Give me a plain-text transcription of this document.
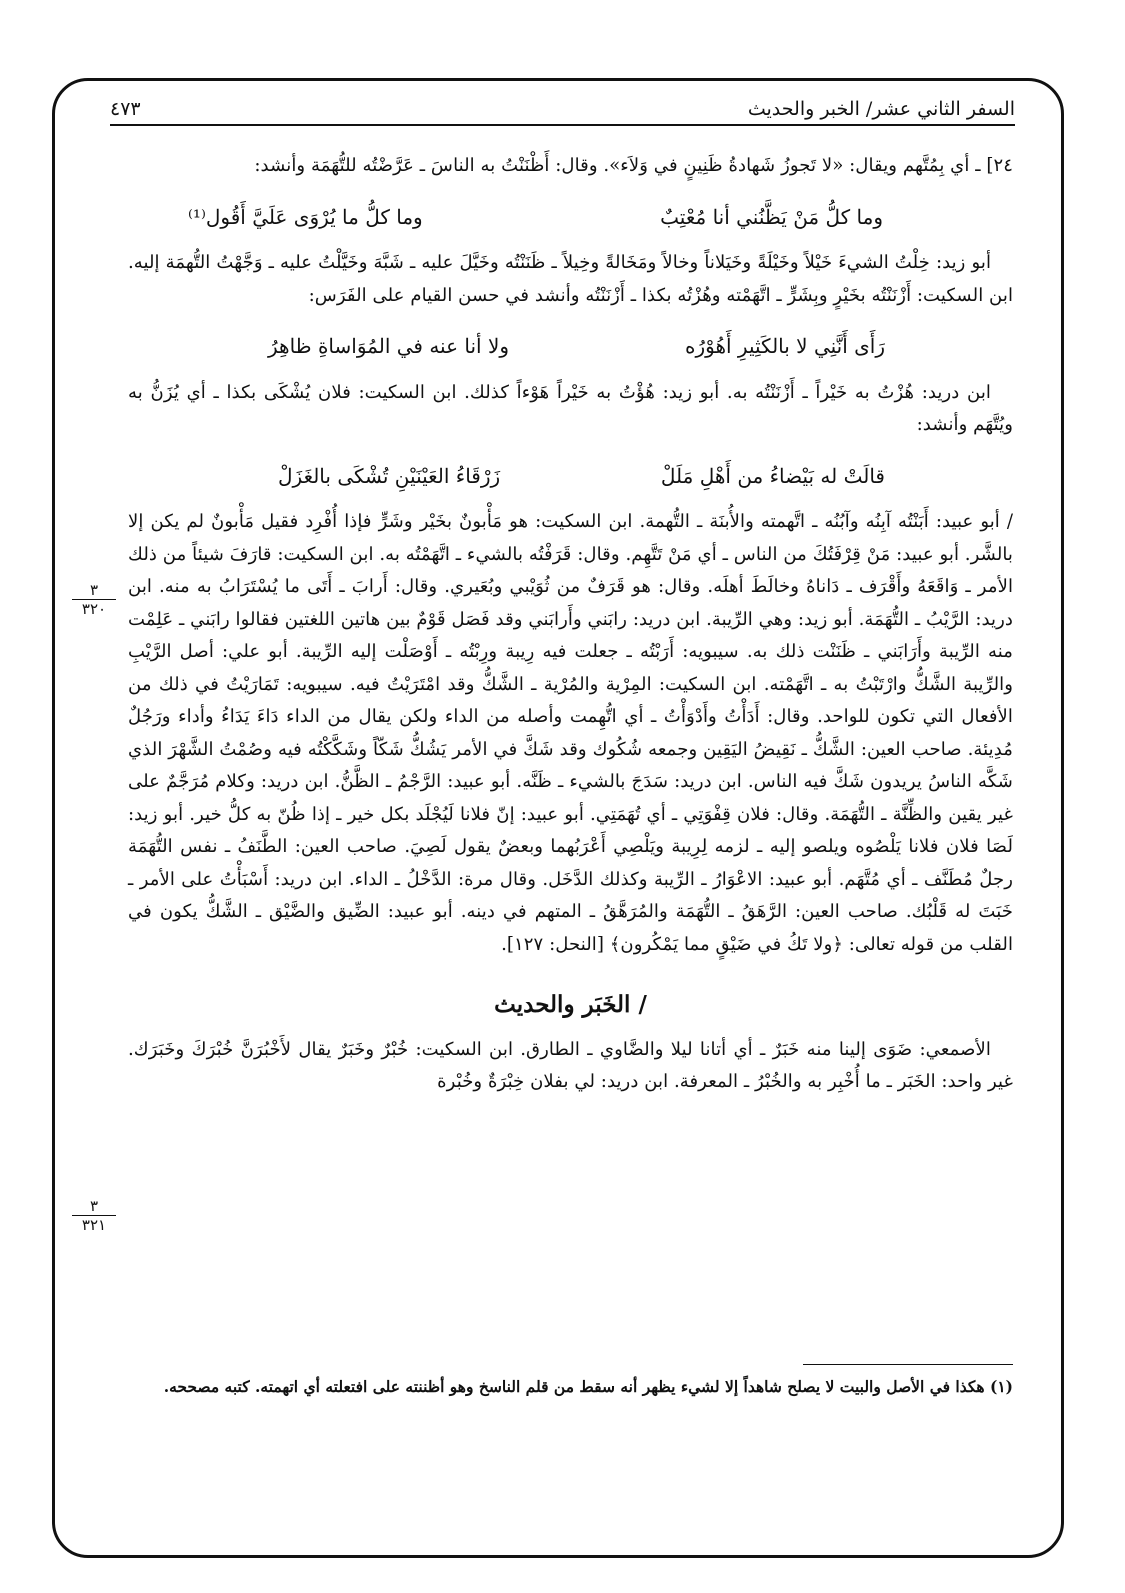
السفر الثاني عشر/ الخبر والحديث
٤٧٣

٢٤] ـ أي بِمُتَّهم ويقال: «لا تَجوزُ شَهادةُ ظَنِينٍ في وَلاَء». وقال: أَظْنَنْتُ به الناسَ ـ عَرَّضْتُه للتُّهَمَة وأنشد:

وما كلُّ مَنْ يَظَّنُني أنا مُعْتِبٌ
وما كلُّ ما يُرْوَى عَلَيَّ أَقُول⁽¹⁾

أبو زيد: خِلْتُ الشيءَ خَيْلاً وخَيْلَةً وخَيَلاناً وخالاً ومَخَالةً وخِيلاً ـ ظَنَنْتُه وخَيَّلَ عليه ـ شَبَّهَ وخَيَّلْتُ عليه ـ وَجَّهْتُ التُّهمَة إليه. ابن السكيت: أَزْنَنْتُه بخَيْرٍ وبِشَرٍّ ـ اتَّهَمْته وهُزْتُه بكذا ـ أَزْنَنْتُه وأنشد في حسن القيام على الفَرَس:

رَأَى أَنَّنِي لا بالكَثِيرِ أَهُوْرُه
ولا أنا عنه في المُوَاساةِ ظاهِرُ

ابن دريد: هُزْتُ به خَيْراً ـ أَزْنَنْتُه به. أبو زيد: هُؤْتُ به خَيْراً هَوْءاً كذلك. ابن السكيت: فلان يُشْكَى بكذا ـ أي يُزَنُّ به ويُتَّهَم وأنشد:

قالَتْ له بَيْضاءُ من أَهْلِ مَلَلْ
زَرْقَاءُ العَيْنَيْنِ تُشْكَى بالغَزَلْ

/ أبو عبيد: أَبَنْتُه آبِنُه وآبُنُه ـ اتَّهمته والأُبنَة ـ التُّهمة. ابن السكيت: هو مَأْبونٌ بخَيْر وشَرٍّ فإذا أُفْرِد فقيل مَأْبونٌ لم يكن إلا بالشَّر. أبو عبيد: مَنْ قِرْفَتُكَ من الناس ـ أي مَنْ تَتَّهِم. وقال: قَرَفْتُه بالشيء ـ اتَّهَمْتُه به. ابن السكيت: قارَفَ شيئاً من ذلك الأمر ـ وَاقَعَهُ وأَقْرَف ـ دَاناهُ وخالَطَ أهلَه. وقال: هو قَرَفٌ من ثُوَيْبي وبُعَيري. وقال: أَرابَ ـ أَتَى ما يُسْتَرَابُ به منه. ابن دريد: الرَّيْبُ ـ التُّهَمَة. أبو زيد: وهي الرِّيبة. ابن دريد: رابَني وأَرابَني وقد فَصَل قَوْمٌ بين هاتين اللغتين فقالوا رابَني ـ عَلِمْت منه الرِّيبة وأَرَابَني ـ ظَنَنْت ذلك به. سيبويه: أَرَبْتُه ـ جعلت فيه رِيبة ورِبْتُه ـ أَوْصَلْت إليه الرِّيبة. أبو علي: أصل الرَّيْبِ والرِّيبة الشَّكُّ وارْتَبْتُ به ـ اتَّهَمْته. ابن السكيت: المِرْية والمُرْية ـ الشَّكُّ وقد امْتَرَيْتُ فيه. سيبويه: تَمَارَيْتُ في ذلك من الأفعال التي تكون للواحد. وقال: أَدَأْتُ وأَدْوَأْتُ ـ أي اتُّهِمت وأصله من الداء ولكن يقال من الداء دَاءَ يَدَاءُ وأداء ورَجُلٌ مُدِيئة. صاحب العين: الشَّكُّ ـ نَقِيضُ اليَقِين وجمعه شُكُوك وقد شَكَّ في الأمر يَشُكُّ شَكّاً وشَكَّكْتُه فيه وصُمْتُ الشَّهْرَ الذي شَكَّه الناسُ يريدون شَكَّ فيه الناس. ابن دريد: سَدَجَ بالشيء ـ ظَنَّه. أبو عبيد: الرَّجْمُ ـ الظَّنُّ. ابن دريد: وكلام مُرَجَّمٌ على غير يقين والظِّنَّة ـ التُّهَمَة. وقال: فلان قِفْوَتِي ـ أي تُهَمَتِي. أبو عبيد: إنّ فلانا لَيُجْلَد بكل خير ـ إذا ظُنّ به كلُّ خير. أبو زيد: لَصَا فلان فلانا يَلْصُوه ويلصو إليه ـ لزمه لِرِيبة ويَلْصِي أَعْرَبُهما وبعضٌ يقول لَصِيَ. صاحب العين: الطَّنَفُ ـ نفس التُّهَمَة رجلٌ مُطَنَّف ـ أي مُتَّهَم. أبو عبيد: الاعْوَارُ ـ الرِّيبة وكذلك الدَّخَل. وقال مرة: الدَّخْلُ ـ الداء. ابن دريد: أَسْبَأْتُ على الأمر ـ خَبَتَ له قَلْبُك. صاحب العين: الرَّهَقُ ـ التُّهَمَة والمُرَهَّقُ ـ المتهم في دينه. أبو عبيد: الضِّيق والضَّيْق ـ الشَّكُّ يكون في القلب من قوله تعالى: ﴿ولا تَكُ في ضَيْقٍ مما يَمْكُرون﴾ [النحل: ١٢٧].

/ الخَبَر والحديث

الأصمعي: ضَوَى إلينا منه خَبَرٌ ـ أي أتانا ليلا والضَّاوي ـ الطارق. ابن السكيت: خُبْرٌ وخَبَرٌ يقال لأَخْبُرَنَّ خُبْرَكَ وخَبَرَك. غير واحد: الخَبَر ـ ما أُخْبِر به والخُبْرُ ـ المعرفة. ابن دريد: لي بفلان خِبْرَةٌ وخُبْرة

٣
٣٢٠
٣
٣٢١
(١) هكذا في الأصل والبيت لا يصلح شاهداً إلا لشيء يظهر أنه سقط من قلم الناسخ وهو أظننته على افتعلته أي اتهمته. كتبه مصححه.
